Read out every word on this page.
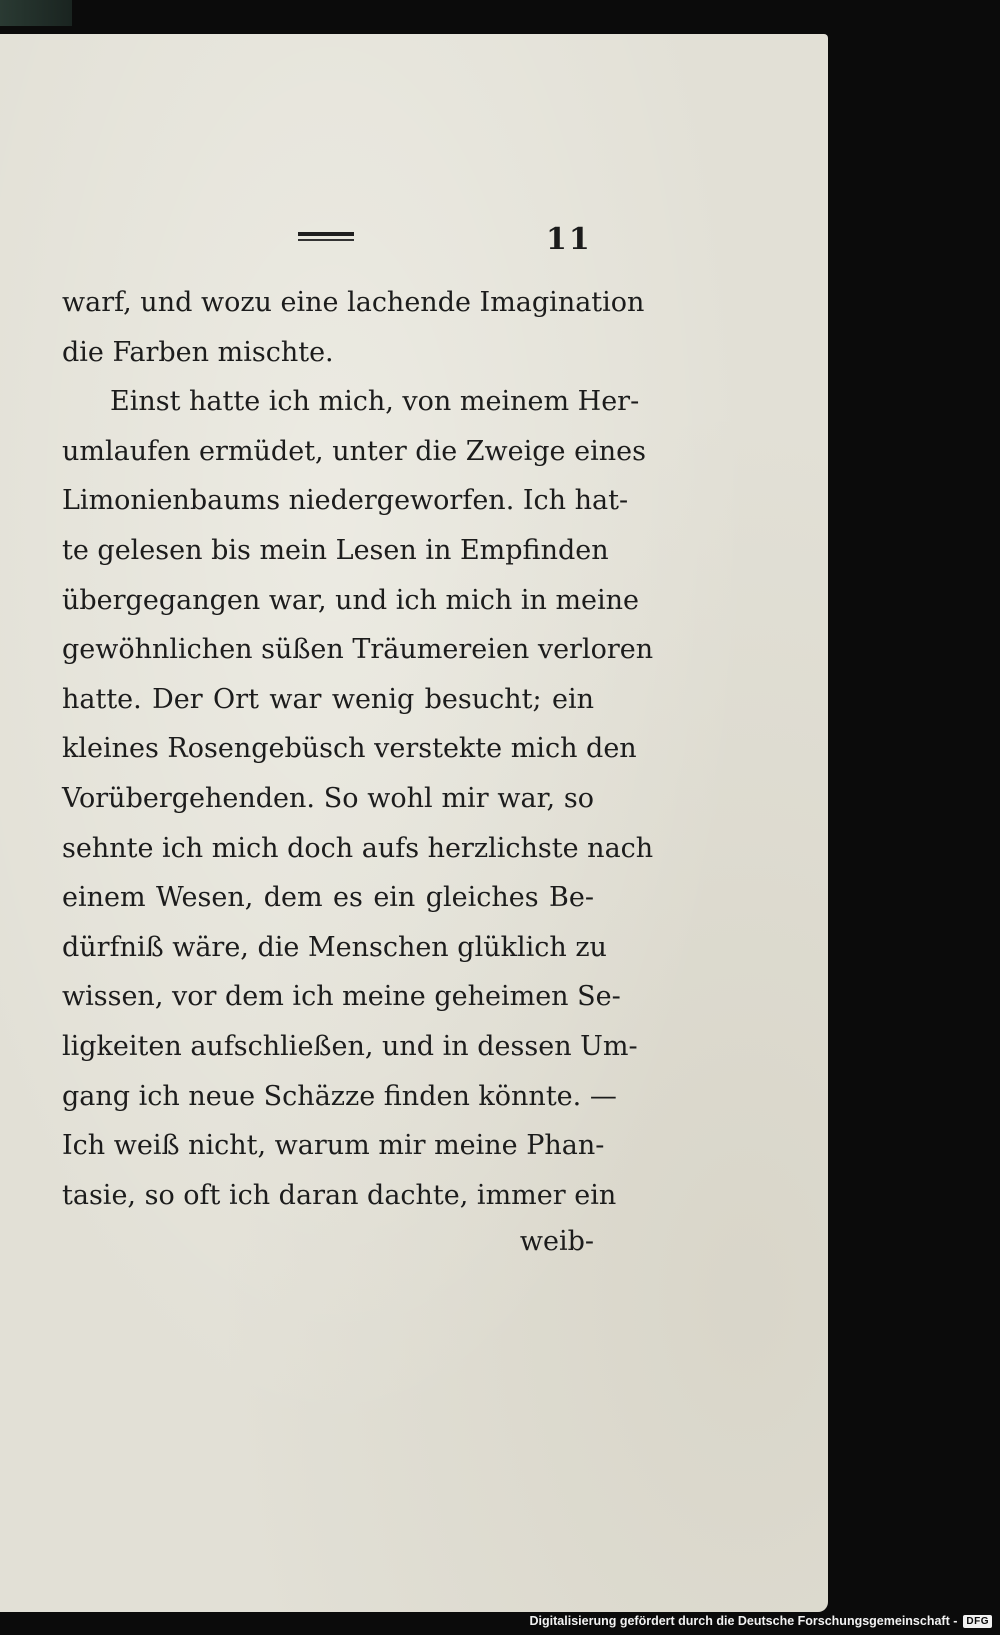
11
warf, und wozu eine lachende Imagination
die Farben mischte.
Einst hatte ich mich, von meinem Her-
umlaufen ermüdet, unter die Zweige eines
Limonienbaums niedergeworfen. Ich hat-
te gelesen bis mein Lesen in Empfinden
übergegangen war, und ich mich in meine
gewöhnlichen süßen Träumereien verloren
hatte. Der Ort war wenig besucht; ein
kleines Rosengebüsch verstekte mich den
Vorübergehenden. So wohl mir war, so
sehnte ich mich doch aufs herzlichste nach
einem Wesen, dem es ein gleiches Be-
dürfniß wäre, die Menschen glüklich zu
wissen, vor dem ich meine geheimen Se-
ligkeiten aufschließen, und in dessen Um-
gang ich neue Schäzze finden könnte. —
Ich weiß nicht, warum mir meine Phan-
tasie, so oft ich daran dachte, immer ein
weib-
Digitalisierung gefördert durch die Deutsche Forschungsgemeinschaft - DFG
